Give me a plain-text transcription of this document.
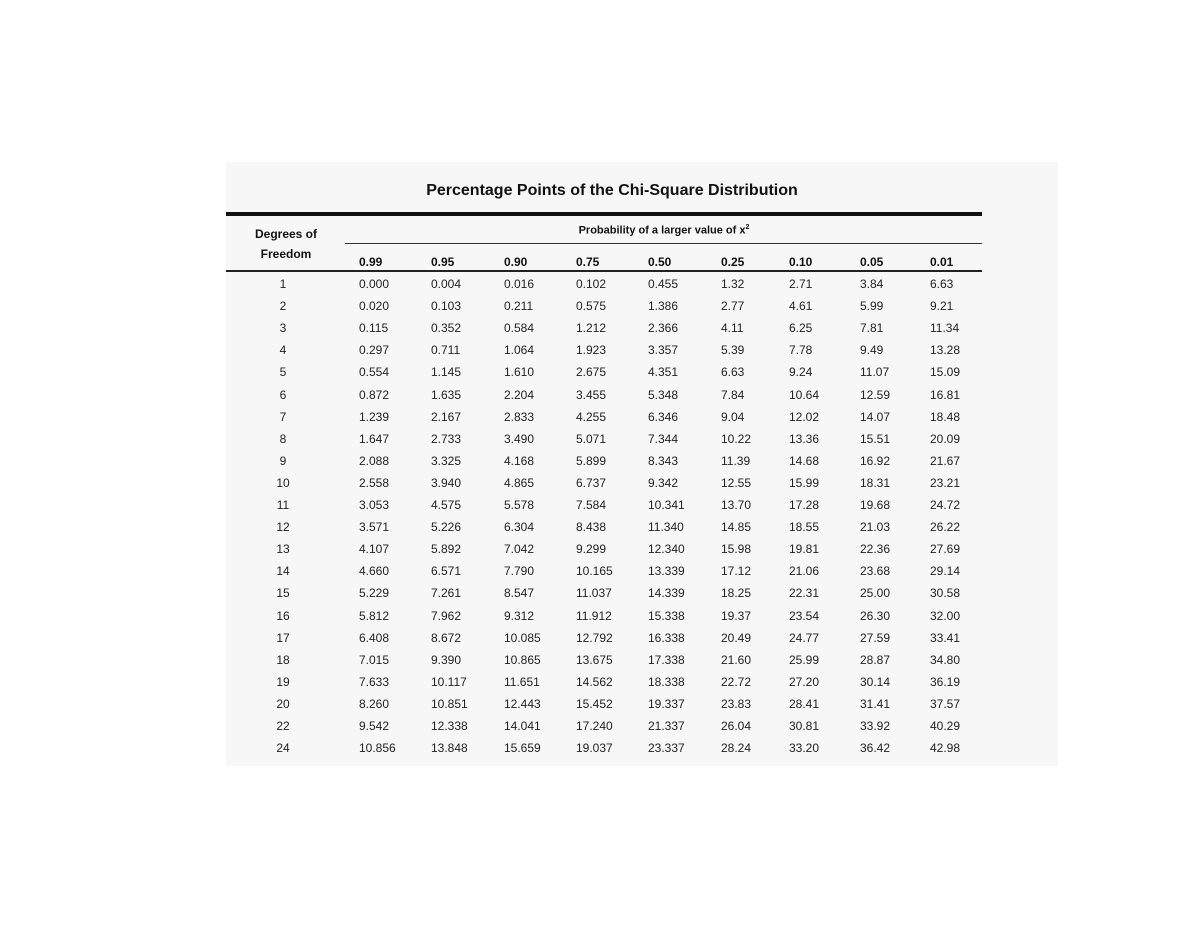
Percentage Points of the Chi-Square Distribution
Degrees of
Freedom
Probability of a larger value of $x^2$
0.99	0.95	0.90	0.75	0.50	0.25	0.10	0.05	0.01
1	0.000	0.004	0.016	0.102	0.455	1.32	2.71	3.84	6.63
2	0.020	0.103	0.211	0.575	1.386	2.77	4.61	5.99	9.21
3	0.115	0.352	0.584	1.212	2.366	4.11	6.25	7.81	11.34
4	0.297	0.711	1.064	1.923	3.357	5.39	7.78	9.49	13.28
5	0.554	1.145	1.610	2.675	4.351	6.63	9.24	11.07	15.09
6	0.872	1.635	2.204	3.455	5.348	7.84	10.64	12.59	16.81
7	1.239	2.167	2.833	4.255	6.346	9.04	12.02	14.07	18.48
8	1.647	2.733	3.490	5.071	7.344	10.22	13.36	15.51	20.09
9	2.088	3.325	4.168	5.899	8.343	11.39	14.68	16.92	21.67
10	2.558	3.940	4.865	6.737	9.342	12.55	15.99	18.31	23.21
11	3.053	4.575	5.578	7.584	10.341	13.70	17.28	19.68	24.72
12	3.571	5.226	6.304	8.438	11.340	14.85	18.55	21.03	26.22
13	4.107	5.892	7.042	9.299	12.340	15.98	19.81	22.36	27.69
14	4.660	6.571	7.790	10.165	13.339	17.12	21.06	23.68	29.14
15	5.229	7.261	8.547	11.037	14.339	18.25	22.31	25.00	30.58
16	5.812	7.962	9.312	11.912	15.338	19.37	23.54	26.30	32.00
17	6.408	8.672	10.085	12.792	16.338	20.49	24.77	27.59	33.41
18	7.015	9.390	10.865	13.675	17.338	21.60	25.99	28.87	34.80
19	7.633	10.117	11.651	14.562	18.338	22.72	27.20	30.14	36.19
20	8.260	10.851	12.443	15.452	19.337	23.83	28.41	31.41	37.57
22	9.542	12.338	14.041	17.240	21.337	26.04	30.81	33.92	40.29
24	10.856	13.848	15.659	19.037	23.337	28.24	33.20	36.42	42.98
